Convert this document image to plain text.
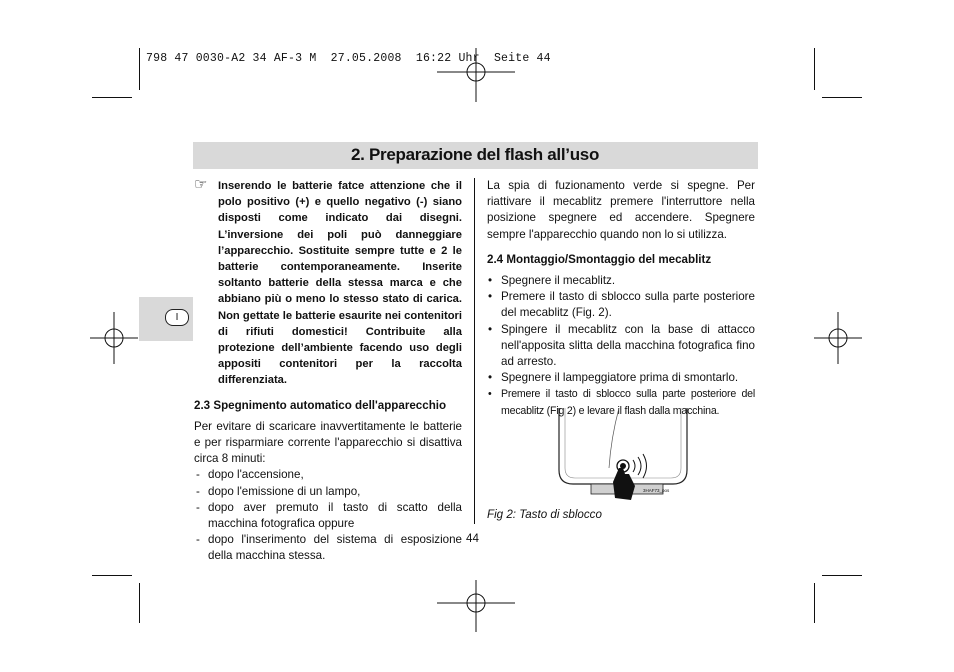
798 47 0030-A2 34 AF-3 M  27.05.2008  16:22 Uhr  Seite 44
2. Preparazione del flash all’uso
I
☞ Inserendo le batterie fatce attenzione che il polo positivo (+) e quello negativo (-) siano disposti come indicato dai disegni. L’inversione dei poli può danneggiare l’apparecchio. Sostituite sempre tutte e 2 le batterie contemporaneamente. Inserite soltanto batterie della stessa marca e che abbiano più o meno lo stesso stato di carica. Non gettate le batterie esaurite nei contenitori di rifiuti domestici! Contribuite alla protezione dell’ambiente facendo uso degli appositi contenitori per la raccolta differenziata.

2.3 Spegnimento automatico dell'apparecchio

Per evitare di scaricare inavvertitamente le batterie e per risparmiare corrente l'apparecchio si disattiva circa 8 minuti:

- dopo l'accensione,
- dopo l'emissione di un lampo,
- dopo aver premuto il tasto di scatto della macchina fotografica oppure
- dopo l'inserimento del sistema di esposizione della macchina stessa.

La spia di fuzionamento verde si spegne. Per riattivare il mecablitz premere l'interruttore nella posizione spegnere ed accendere. Spegnere sempre l'apparecchio quando non lo si utilizza.

2.4 Montaggio/Smontaggio del mecablitz

• Spegnere il mecablitz.
• Premere il tasto di sblocco sulla parte posteriore del mecablitz (Fig. 2).
• Spingere il mecablitz con la base di attacco nell'apposita slitta della macchina fotografica fino ad arresto.
• Spegnere il lampeggiatore prima di smontarlo.
• Premere il tasto di sblocco sulla parte posteriore del mecablitz (Fig 2) e levare il flash dalla macchina.
3HAF73_pos
Fig 2: Tasto di sblocco
44
